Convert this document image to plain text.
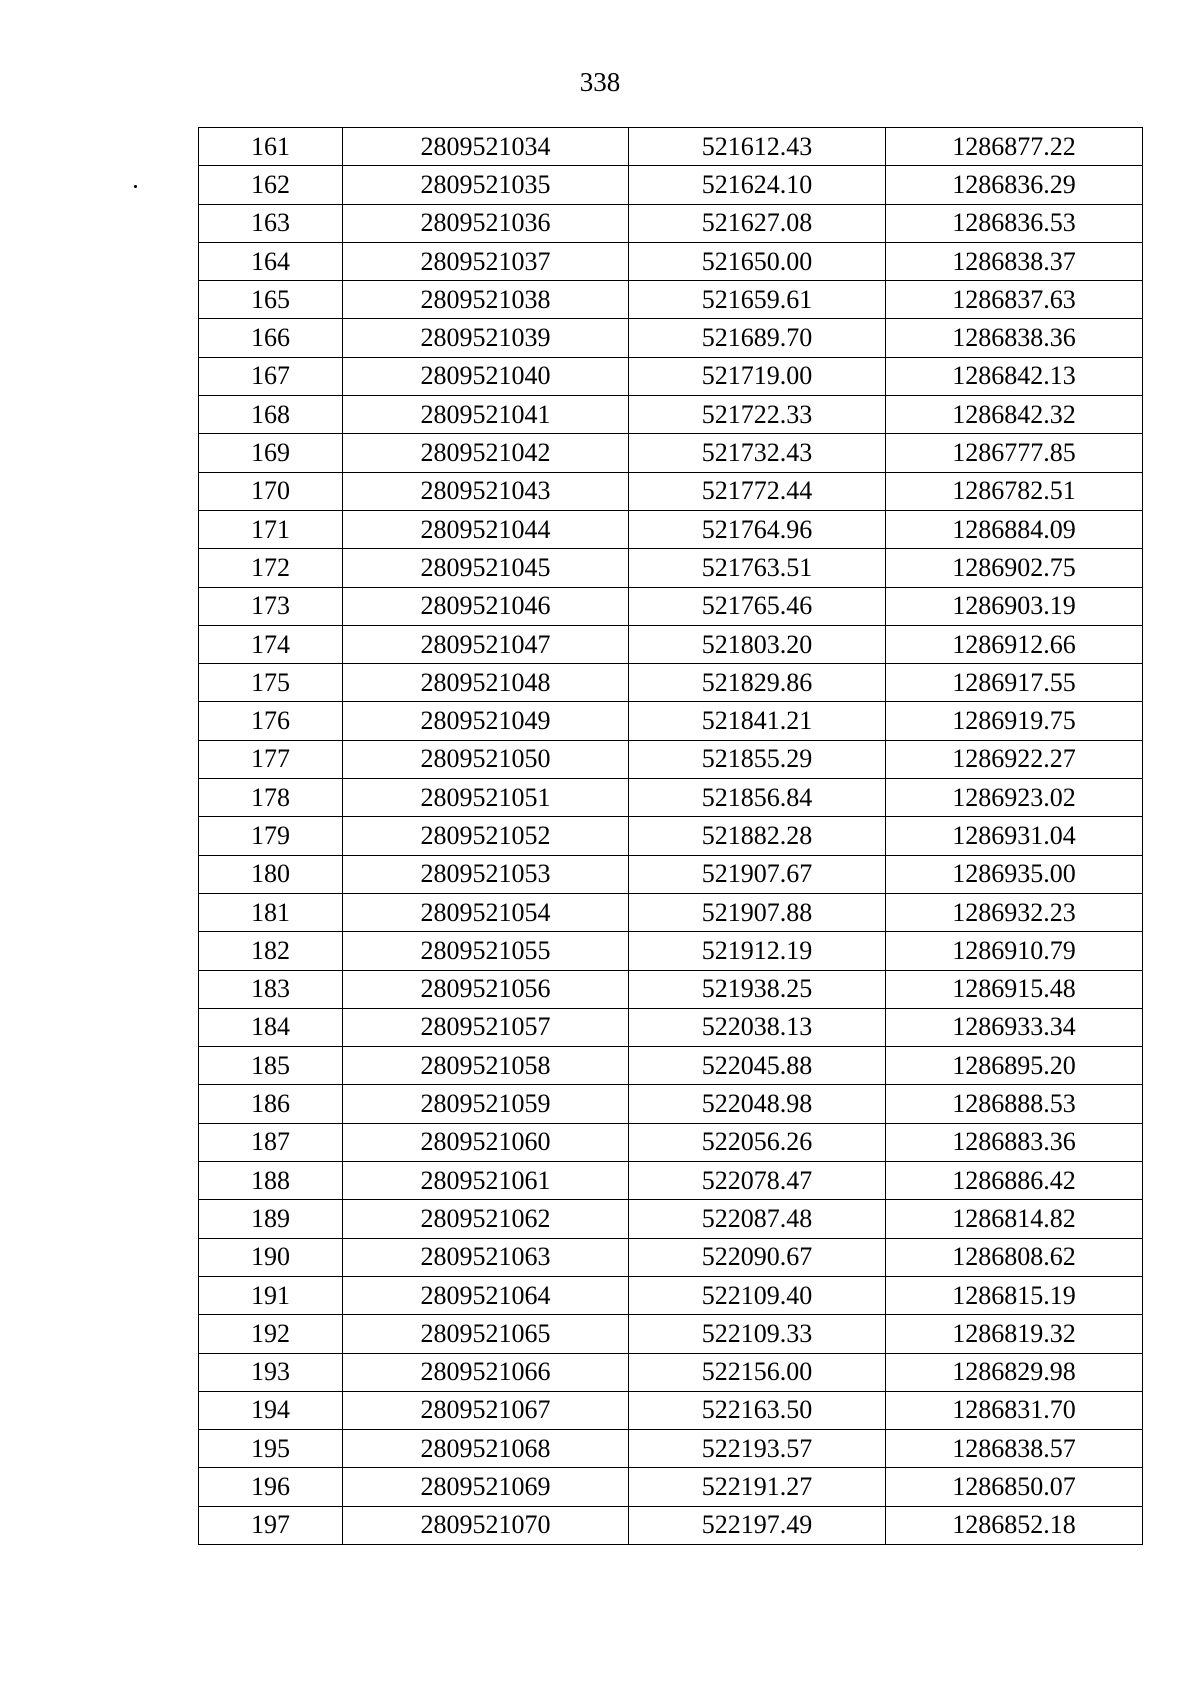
338
161	2809521034	521612.43	1286877.22
162	2809521035	521624.10	1286836.29
163	2809521036	521627.08	1286836.53
164	2809521037	521650.00	1286838.37
165	2809521038	521659.61	1286837.63
166	2809521039	521689.70	1286838.36
167	2809521040	521719.00	1286842.13
168	2809521041	521722.33	1286842.32
169	2809521042	521732.43	1286777.85
170	2809521043	521772.44	1286782.51
171	2809521044	521764.96	1286884.09
172	2809521045	521763.51	1286902.75
173	2809521046	521765.46	1286903.19
174	2809521047	521803.20	1286912.66
175	2809521048	521829.86	1286917.55
176	2809521049	521841.21	1286919.75
177	2809521050	521855.29	1286922.27
178	2809521051	521856.84	1286923.02
179	2809521052	521882.28	1286931.04
180	2809521053	521907.67	1286935.00
181	2809521054	521907.88	1286932.23
182	2809521055	521912.19	1286910.79
183	2809521056	521938.25	1286915.48
184	2809521057	522038.13	1286933.34
185	2809521058	522045.88	1286895.20
186	2809521059	522048.98	1286888.53
187	2809521060	522056.26	1286883.36
188	2809521061	522078.47	1286886.42
189	2809521062	522087.48	1286814.82
190	2809521063	522090.67	1286808.62
191	2809521064	522109.40	1286815.19
192	2809521065	522109.33	1286819.32
193	2809521066	522156.00	1286829.98
194	2809521067	522163.50	1286831.70
195	2809521068	522193.57	1286838.57
196	2809521069	522191.27	1286850.07
197	2809521070	522197.49	1286852.18
